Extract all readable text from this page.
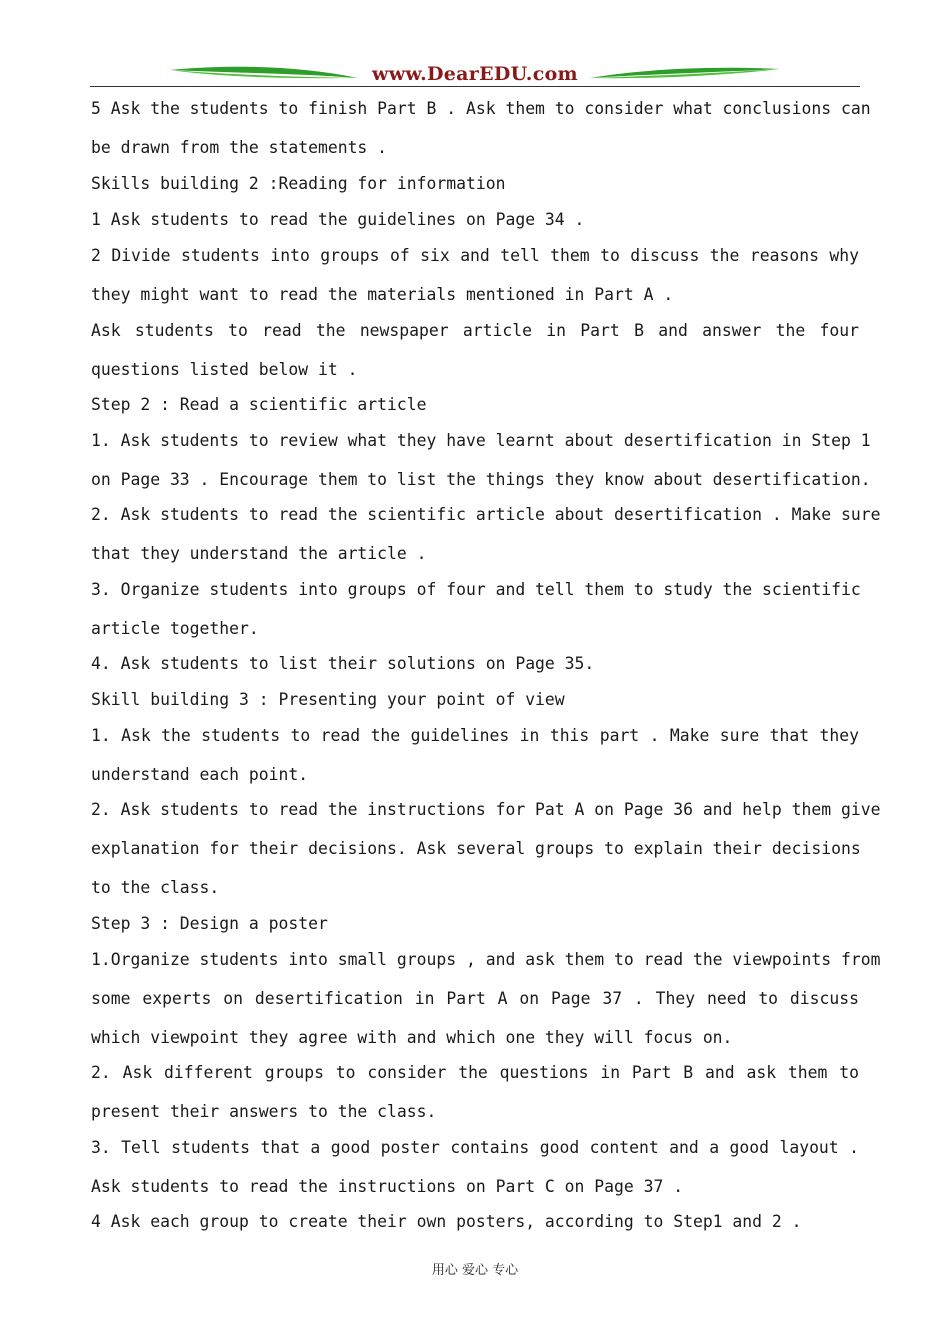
www.DearEDU.com
5 Ask the students to finish Part B . Ask them to consider what conclusions can
be drawn from the statements .
Skills building 2 :Reading for information
1 Ask students to read the guidelines on Page 34 .
2 Divide students into groups of six and tell them to discuss the reasons why
they might want to read the materials mentioned in Part A .
Ask students to read the newspaper article in Part B and answer the four
questions listed below it .
Step 2 : Read a scientific article
1. Ask students to review what they have learnt about desertification in Step 1
on Page 33 . Encourage them to list the things they know about desertification.
2. Ask students to read the scientific article about desertification . Make sure
that they understand the article .
3. Organize students into groups of four and tell them to study the scientific
article together.
4. Ask students to list their solutions on Page 35.
Skill building 3 : Presenting your point of view
1. Ask the students to read the guidelines in this part . Make sure that they
understand each point.
2. Ask students to read the instructions for Pat A on Page 36 and help them give
explanation for their decisions. Ask several groups to explain their decisions
to the class.
Step 3 : Design a poster
1.Organize students into small groups , and ask them to read the viewpoints from
some experts on desertification in Part A on Page 37 . They need to discuss
which viewpoint they agree with and which one they will focus on.
2. Ask different groups to consider the questions in Part B and ask them to
present their answers to the class.
3. Tell students that a good poster contains good content and a good layout .
Ask students to read the instructions on Part C on Page 37 .
4 Ask each group to create their own posters, according to Step1 and 2 .
用心 爱心 专心
